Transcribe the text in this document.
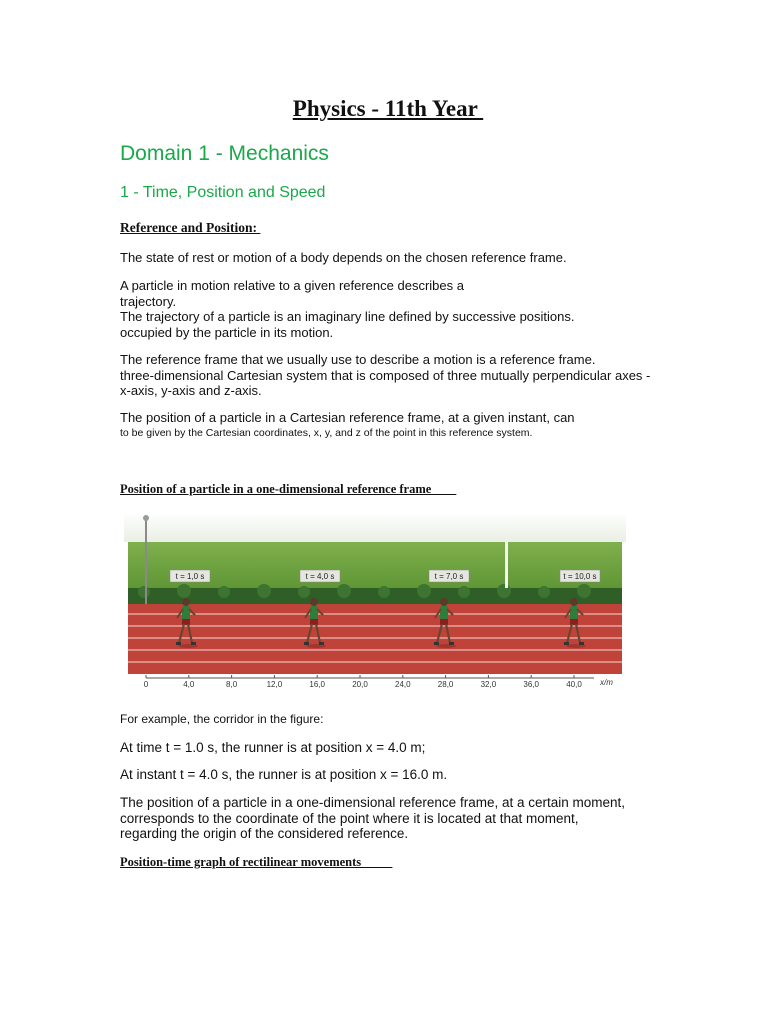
Physics - 11th Year
Domain 1 - Mechanics
1 - Time, Position and Speed
Reference and Position:
The state of rest or motion of a body depends on the chosen reference frame.
A particle in motion relative to a given reference describes a
trajectory.
The trajectory of a particle is an imaginary line defined by successive positions.
occupied by the particle in its motion.
The reference frame that we usually use to describe a motion is a reference frame.
three-dimensional Cartesian system that is composed of three mutually perpendicular axes -
x-axis, y-axis and z-axis.
The position of a particle in a Cartesian reference frame, at a given instant, can
to be given by the Cartesian coordinates, x, y, and z of the point in this reference system.
Position of a particle in a one-dimensional reference frame
t = 1,0 s	t = 4,0 s	t = 7,0 s	t = 10,0 s
0	4,0	8,0	12,0	16,0	20,0	24,0	28,0	32,0	36,0	40,0 x/m
For example, the corridor in the figure:
At time t = 1.0 s, the runner is at position x = 4.0 m;
At instant t = 4.0 s, the runner is at position x = 16.0 m.
The position of a particle in a one-dimensional reference frame, at a certain moment,
corresponds to the coordinate of the point where it is located at that moment,
regarding the origin of the considered reference.
Position-time graph of rectilinear movements
